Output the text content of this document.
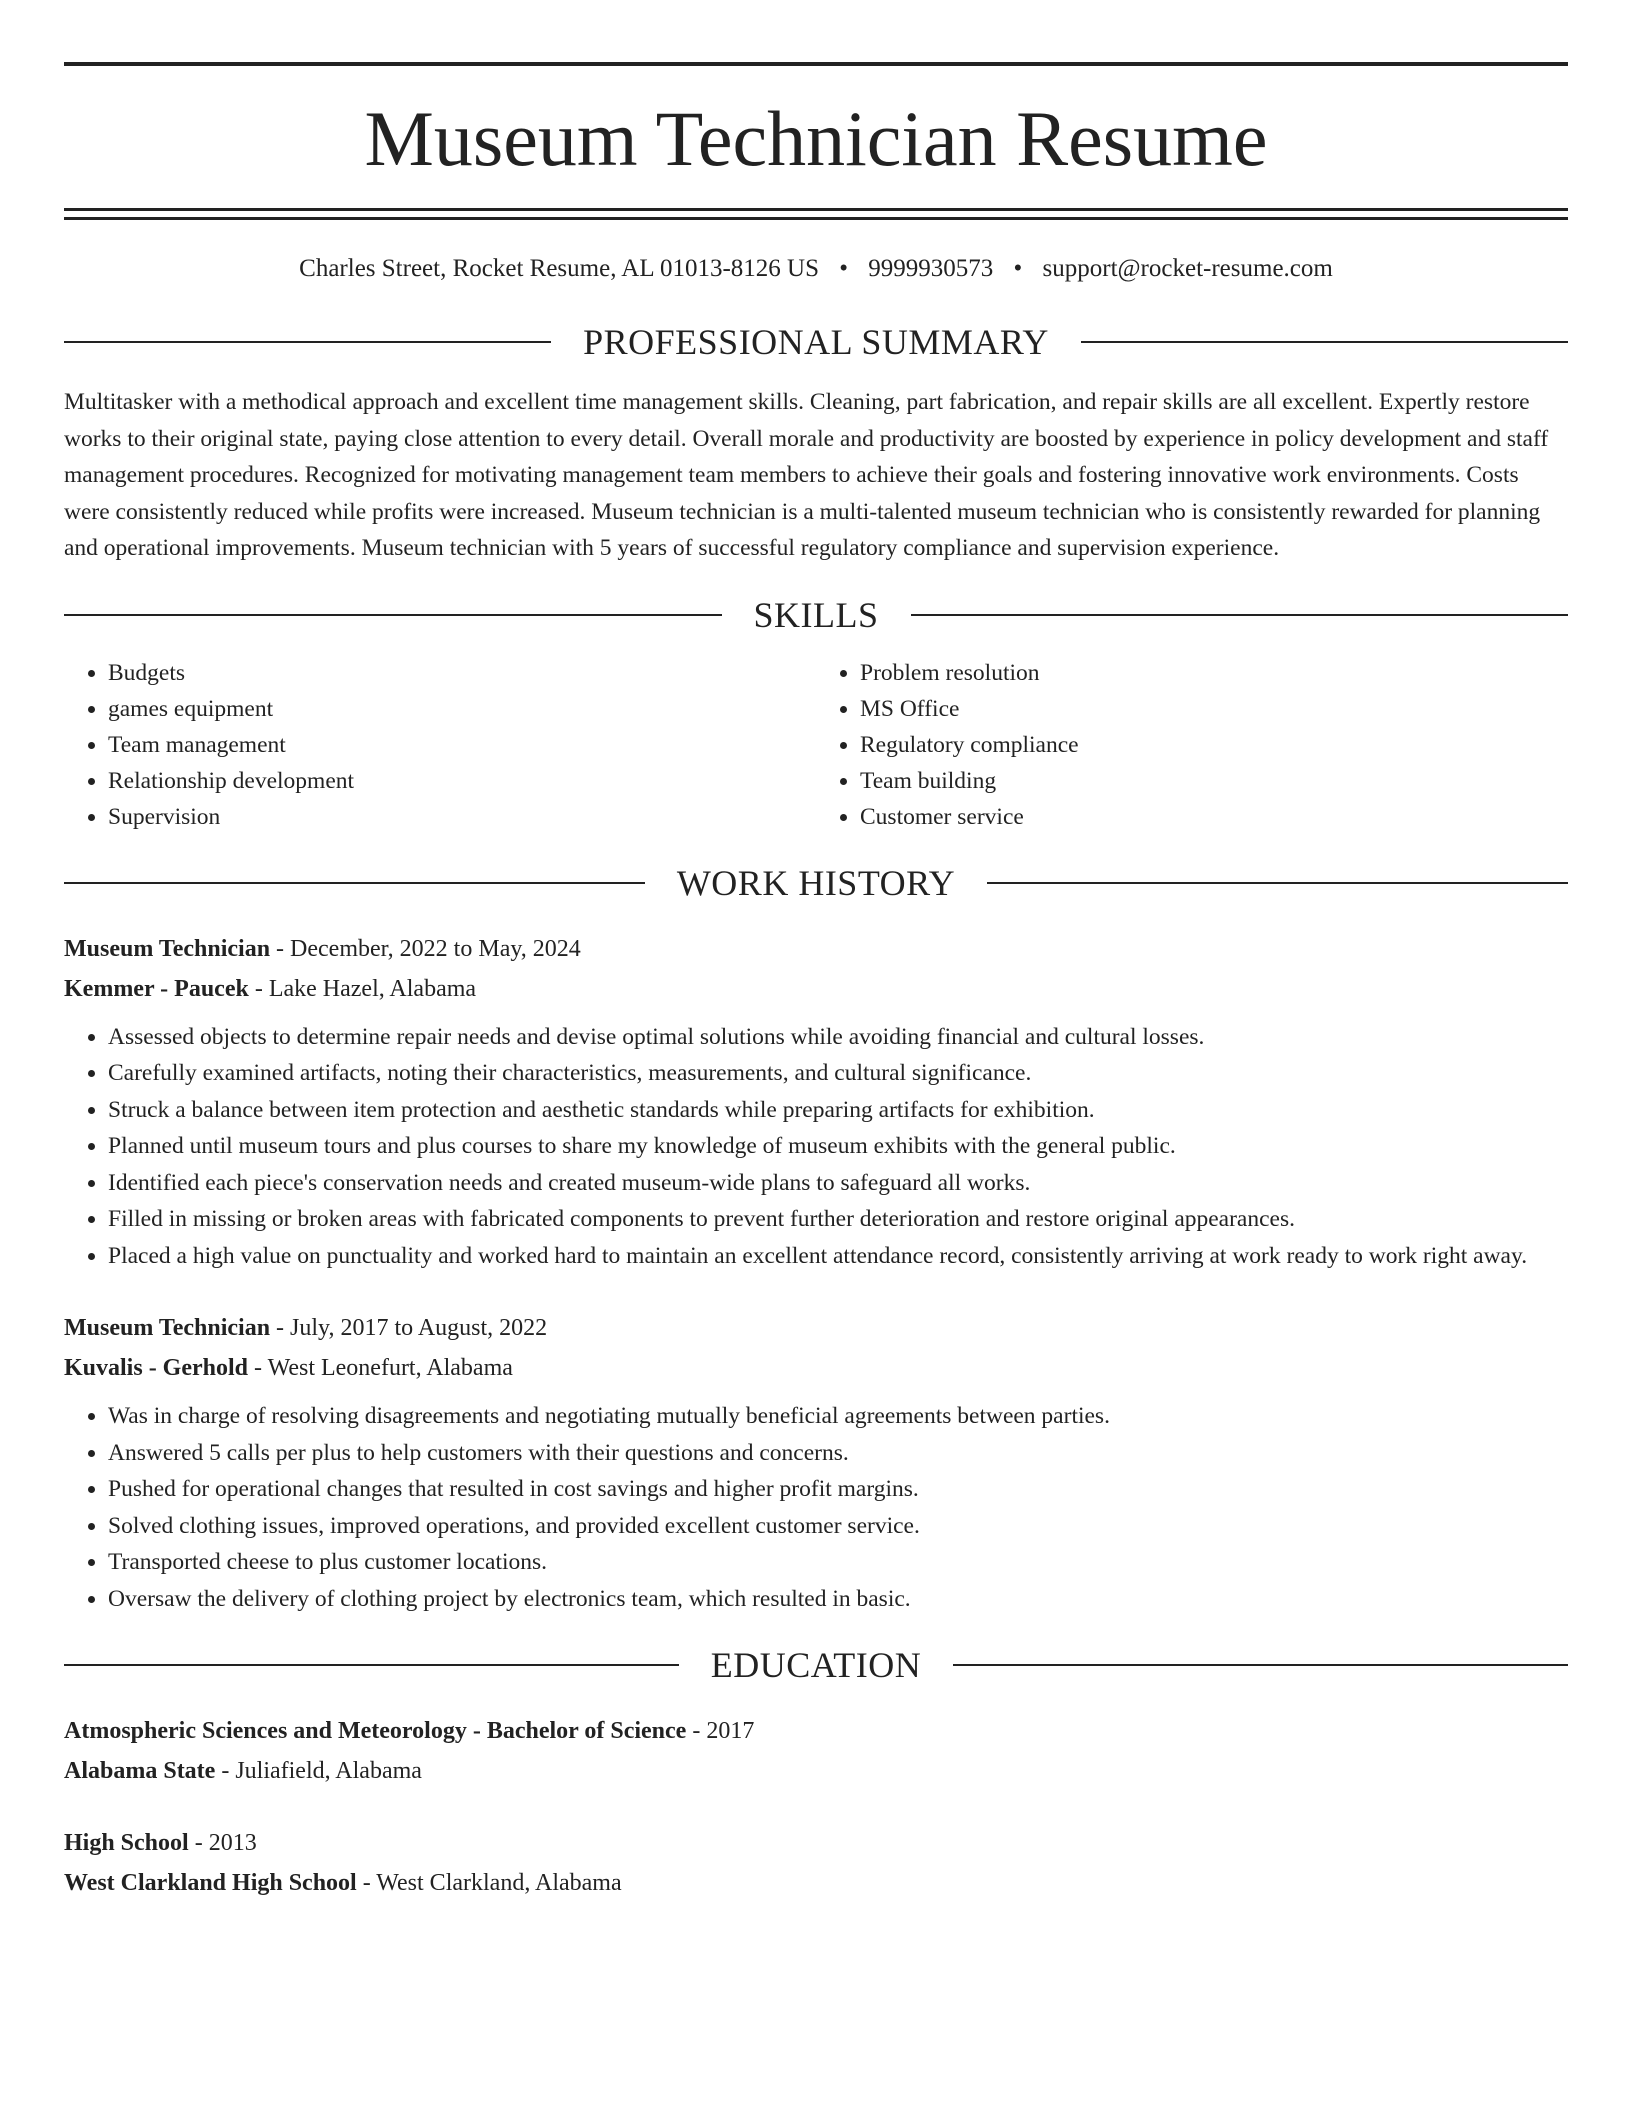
Museum Technician Resume
Charles Street, Rocket Resume, AL 01013-8126 US • 9999930573 • support@rocket-resume.com
PROFESSIONAL SUMMARY
Multitasker with a methodical approach and excellent time management skills. Cleaning, part fabrication, and repair skills are all excellent. Expertly restore works to their original state, paying close attention to every detail. Overall morale and productivity are boosted by experience in policy development and staff management procedures. Recognized for motivating management team members to achieve their goals and fostering innovative work environments. Costs were consistently reduced while profits were increased. Museum technician is a multi-talented museum technician who is consistently rewarded for planning and operational improvements. Museum technician with 5 years of successful regulatory compliance and supervision experience.
SKILLS
• Budgets
• games equipment
• Team management
• Relationship development
• Supervision
• Problem resolution
• MS Office
• Regulatory compliance
• Team building
• Customer service
WORK HISTORY
Museum Technician - December, 2022 to May, 2024
Kemmer - Paucek - Lake Hazel, Alabama
• Assessed objects to determine repair needs and devise optimal solutions while avoiding financial and cultural losses.
• Carefully examined artifacts, noting their characteristics, measurements, and cultural significance.
• Struck a balance between item protection and aesthetic standards while preparing artifacts for exhibition.
• Planned until museum tours and plus courses to share my knowledge of museum exhibits with the general public.
• Identified each piece's conservation needs and created museum-wide plans to safeguard all works.
• Filled in missing or broken areas with fabricated components to prevent further deterioration and restore original appearances.
• Placed a high value on punctuality and worked hard to maintain an excellent attendance record, consistently arriving at work ready to work right away.
Museum Technician - July, 2017 to August, 2022
Kuvalis - Gerhold - West Leonefurt, Alabama
• Was in charge of resolving disagreements and negotiating mutually beneficial agreements between parties.
• Answered 5 calls per plus to help customers with their questions and concerns.
• Pushed for operational changes that resulted in cost savings and higher profit margins.
• Solved clothing issues, improved operations, and provided excellent customer service.
• Transported cheese to plus customer locations.
• Oversaw the delivery of clothing project by electronics team, which resulted in basic.
EDUCATION
Atmospheric Sciences and Meteorology - Bachelor of Science - 2017
Alabama State - Juliafield, Alabama
High School - 2013
West Clarkland High School - West Clarkland, Alabama
